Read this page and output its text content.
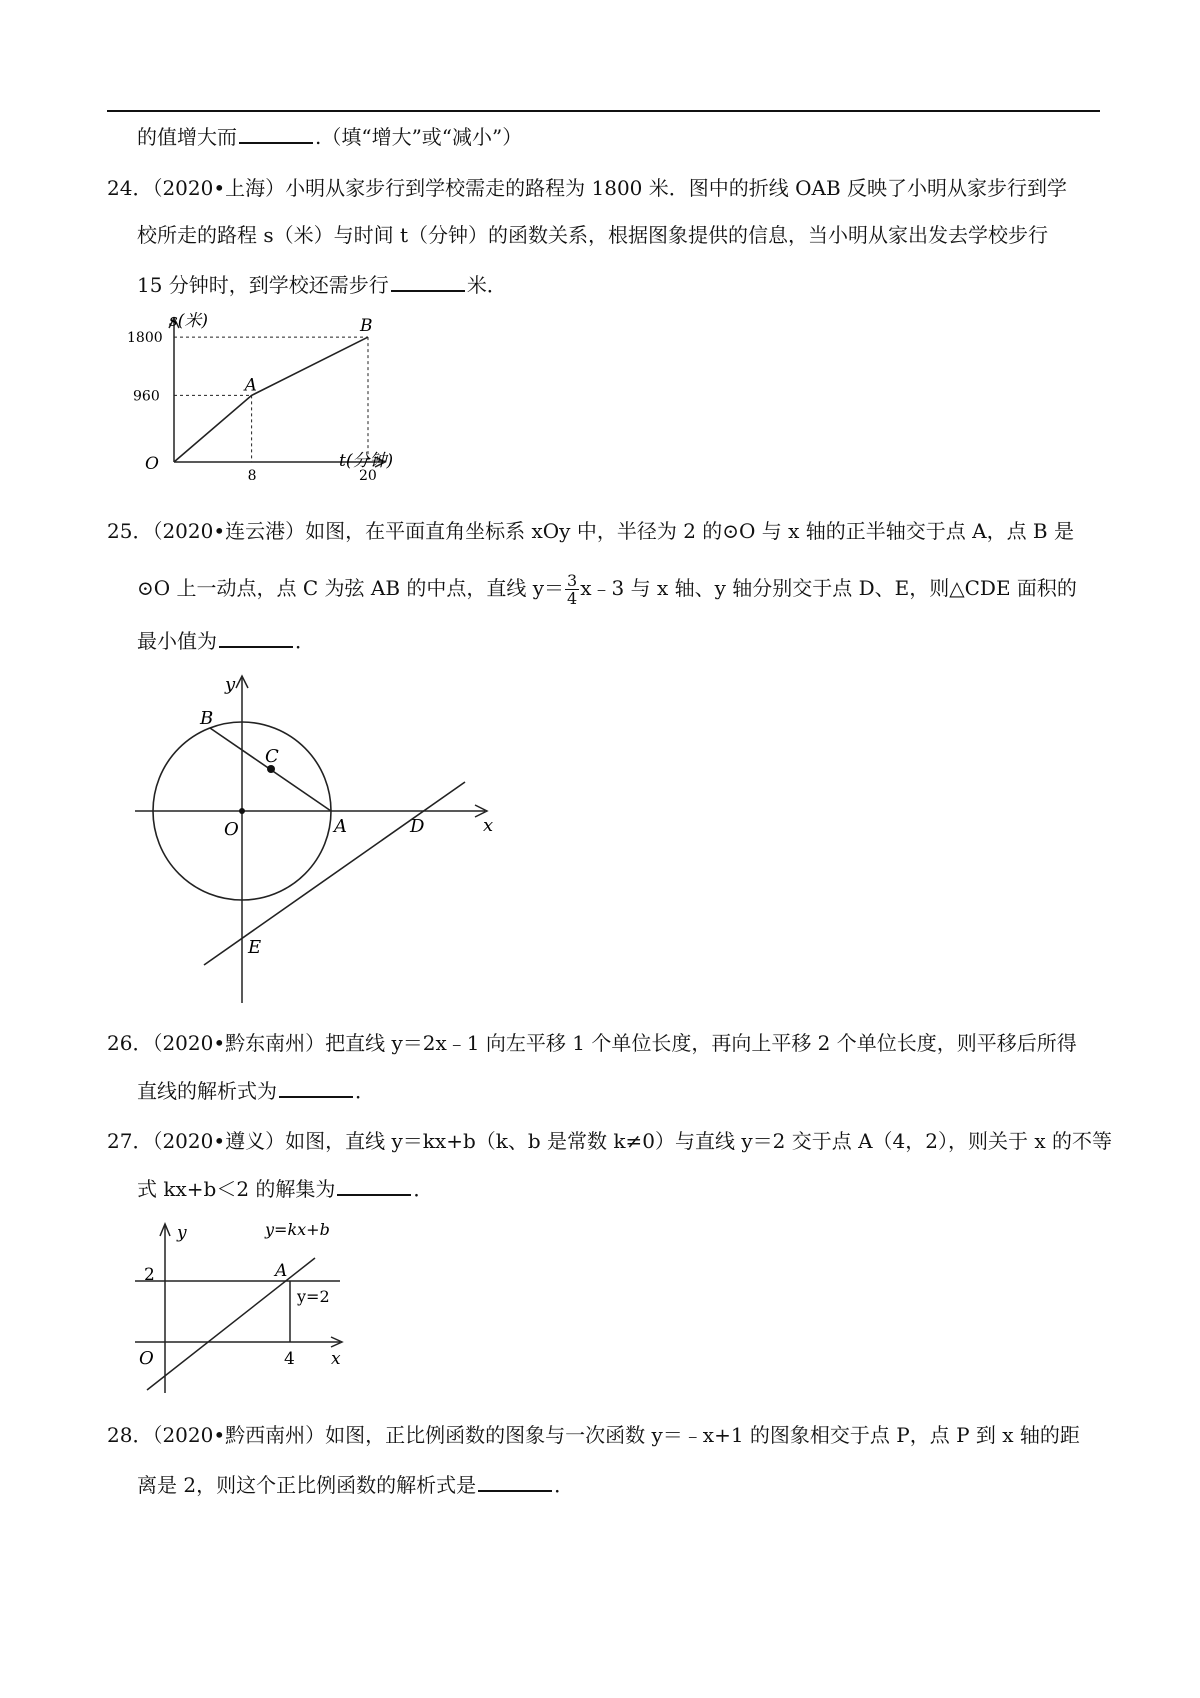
的值增大而	.（填“增大”或“减小”）
24．（2020•上海）小明从家步行到学校需走的路程为 1800 米．图中的折线 OAB 反映了小明从家步行到学
校所走的路程 s（米）与时间 t（分钟）的函数关系，根据图象提供的信息，当小明从家出发去学校步行
15 分钟时，到学校还需步行	米．
s(米)
t(分钟)
O
1800
960
8	20
A
B
25．（2020•连云港）如图，在平面直角坐标系 xOy 中，半径为 2 的⊙O 与 x 轴的正半轴交于点 A，点 B 是
⊙O 上一动点，点 C 为弦 AB 的中点，直线 $y= \frac{3}{4}$ x﹣3 与 x 轴、y 轴分别交于点 D、E，则△CDE 面积的
最小值为	．
y
x
B
C
O	A	D
E
26．（2020•黔东南州）把直线 y＝2x﹣1 向左平移 1 个单位长度，再向上平移 2 个单位长度，则平移后所得
直线的解析式为	．
27．（2020•遵义）如图，直线 y＝kx+b（k、b 是常数 k≠0）与直线 y＝2 交于点 A（4，2），则关于 x 的不等
式 kx+b＜2 的解集为	．
y	y=kx+b
2	A
y=2
O	4 x
28．（2020•黔西南州）如图，正比例函数的图象与一次函数 y＝﹣x+1 的图象相交于点 P，点 P 到 x 轴的距
离是 2，则这个正比例函数的解析式是	．
